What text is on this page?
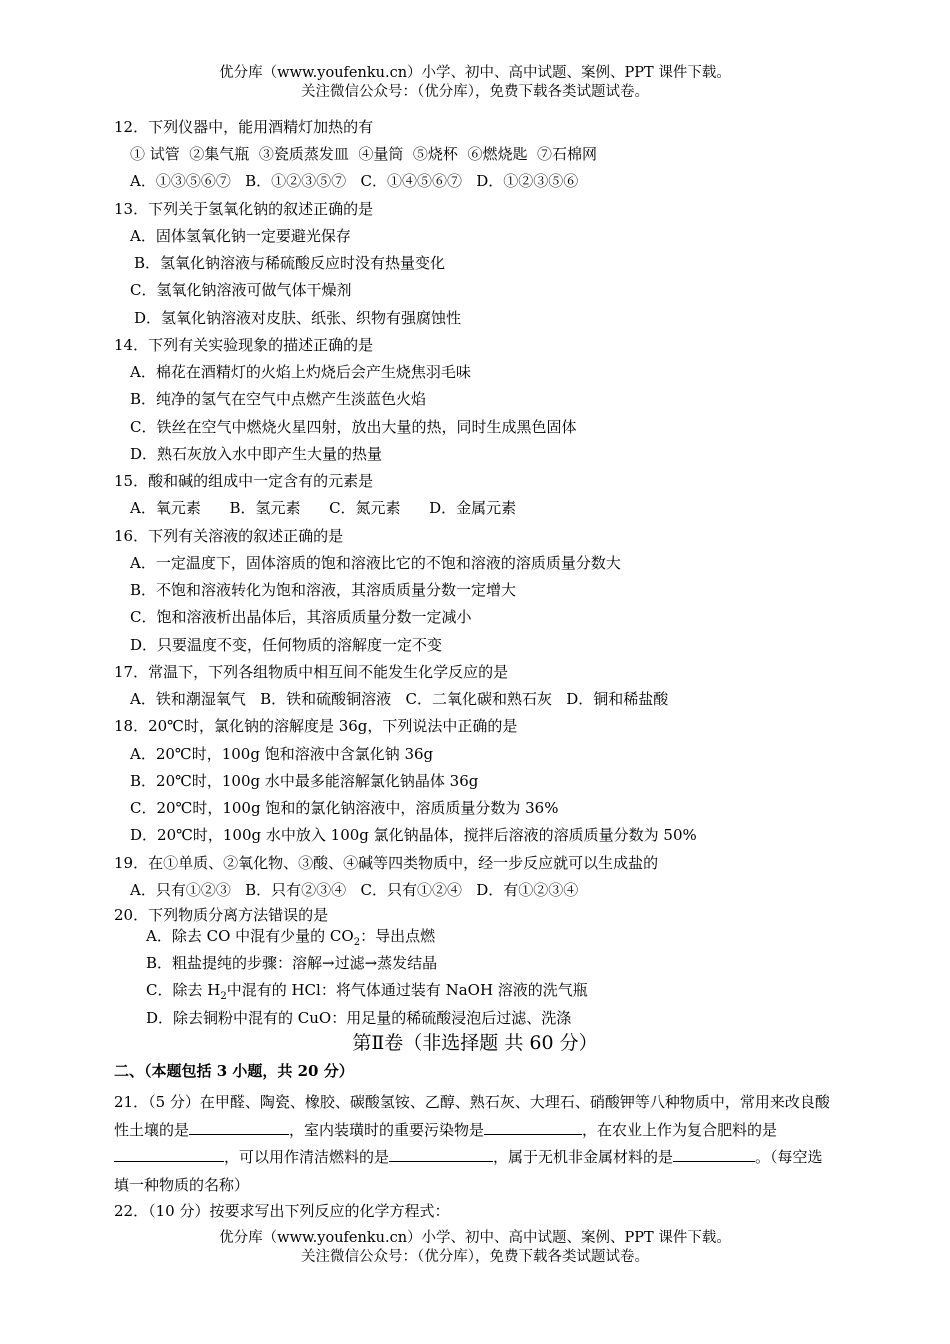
优分库（www.youfenku.cn）小学、初中、高中试题、案例、PPT 课件下载。
关注微信公众号：（优分库），免费下载各类试题试卷。
12．下列仪器中，能用酒精灯加热的有
① 试管  ②集气瓶  ③瓷质蒸发皿  ④量筒  ⑤烧杯  ⑥燃烧匙  ⑦石棉网
A．①③⑤⑥⑦   B．①②③⑤⑦   C．①④⑤⑥⑦   D．①②③⑤⑥
13．下列关于氢氧化钠的叙述正确的是
A．固体氢氧化钠一定要避光保存
B．氢氧化钠溶液与稀硫酸反应时没有热量变化
C．氢氧化钠溶液可做气体干燥剂
D．氢氧化钠溶液对皮肤、纸张、织物有强腐蚀性
14．下列有关实验现象的描述正确的是
A．棉花在酒精灯的火焰上灼烧后会产生烧焦羽毛味
B．纯净的氢气在空气中点燃产生淡蓝色火焰
C．铁丝在空气中燃烧火星四射，放出大量的热，同时生成黑色固体
D．熟石灰放入水中即产生大量的热量
15．酸和碱的组成中一定含有的元素是
A．氧元素      B．氢元素      C．氮元素      D．金属元素
16．下列有关溶液的叙述正确的是
A．一定温度下，固体溶质的饱和溶液比它的不饱和溶液的溶质质量分数大
B．不饱和溶液转化为饱和溶液，其溶质质量分数一定增大
C．饱和溶液析出晶体后，其溶质质量分数一定减小
D．只要温度不变，任何物质的溶解度一定不变
17．常温下，下列各组物质中相互间不能发生化学反应的是
A．铁和潮湿氧气   B．铁和硫酸铜溶液   C．二氧化碳和熟石灰   D．铜和稀盐酸
18．20℃时，氯化钠的溶解度是 36g，下列说法中正确的是
A．20℃时，100g 饱和溶液中含氯化钠 36g
B．20℃时，100g 水中最多能溶解氯化钠晶体 36g
C．20℃时，100g 饱和的氯化钠溶液中，溶质质量分数为 36%
D．20℃时，100g 水中放入 100g 氯化钠晶体，搅拌后溶液的溶质质量分数为 50%
19．在①单质、②氧化物、③酸、④碱等四类物质中，经一步反应就可以生成盐的
A．只有①②③   B．只有②③④   C．只有①②④   D．有①②③④
20．下列物质分离方法错误的是
A．除去 CO 中混有少量的 $CO_2$：导出点燃
B．粗盐提纯的步骤：溶解→过滤→蒸发结晶
C．除去 $H_2$中混有的 HCl：将气体通过装有 NaOH 溶液的洗气瓶
D．除去铜粉中混有的 CuO：用足量的稀硫酸浸泡后过滤、洗涤
第Ⅱ卷（非选择题 共 60 分）
二、（本题包括 3 小题，共 20 分）
21．（5 分）在甲醛、陶瓷、橡胶、碳酸氢铵、乙醇、熟石灰、大理石、硝酸钾等八种物质中，常用来改良酸性土壤的是	，室内装璜时的重要污染物是	，在农业上作为复合肥料的是，可以用作清洁燃料的是	，属于无机非金属材料的是	。（每空选填一种物质的名称）
22．（10 分）按要求写出下列反应的化学方程式：
优分库（www.youfenku.cn）小学、初中、高中试题、案例、PPT 课件下载。
关注微信公众号：（优分库），免费下载各类试题试卷。
